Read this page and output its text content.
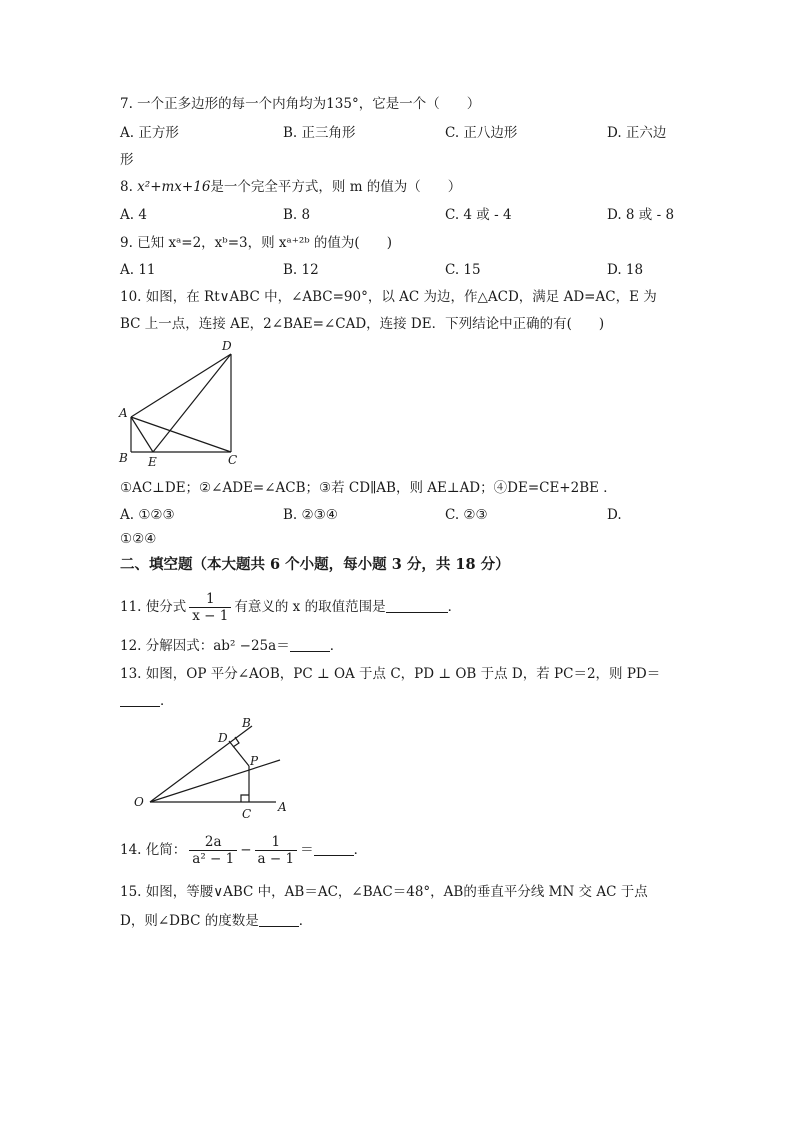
7. 一个正多边形的每一个内角均为135°，它是一个（　　）
A. 正方形	B. 正三角形	C. 正八边形	D. 正六边
形
8. x²+mx+16是一个完全平方式，则 m 的值为（　　）
A. 4	B. 8	C. 4 或 - 4	D. 8 或 - 8
9. 已知 xᵃ=2，xᵇ=3，则 xᵃ⁺²ᵇ 的值为(　　)
A. 11	B. 12	C. 15	D. 18
10. 如图，在 Rt∨ABC 中，∠ABC=90°，以 AC 为边，作△ACD，满足 AD=AC，E 为
BC 上一点，连接 AE，2∠BAE=∠CAD，连接 DE．下列结论中正确的有(　　)
D
A
B E	C
①AC⊥DE；②∠ADE=∠ACB；③若 CD∥AB，则 AE⊥AD；④DE=CE+2BE ．
A. ①②③	B. ②③④	C. ②③	D.
①②④
二、填空题（本大题共 6 个小题，每小题 3 分，共 18 分）
11. 使分式 $\frac{1}{x - 1}$ 有意义的 x 的取值范围是	．
12. 分解因式：ab² −25a＝	．
13. 如图，OP 平分∠AOB，PC ⊥ OA 于点 C，PD ⊥ OB 于点 D，若 PC＝2，则 PD＝
．
O	A
B
C
D
P
14. 化简： $\frac{2a}{\text{a² − 1}} - \frac{1}{a - 1}$ ＝	．
15. 如图，等腰∨ABC 中，AB＝AC，∠BAC＝48°，AB的垂直平分线 MN 交 AC 于点
D，则∠DBC 的度数是	．
